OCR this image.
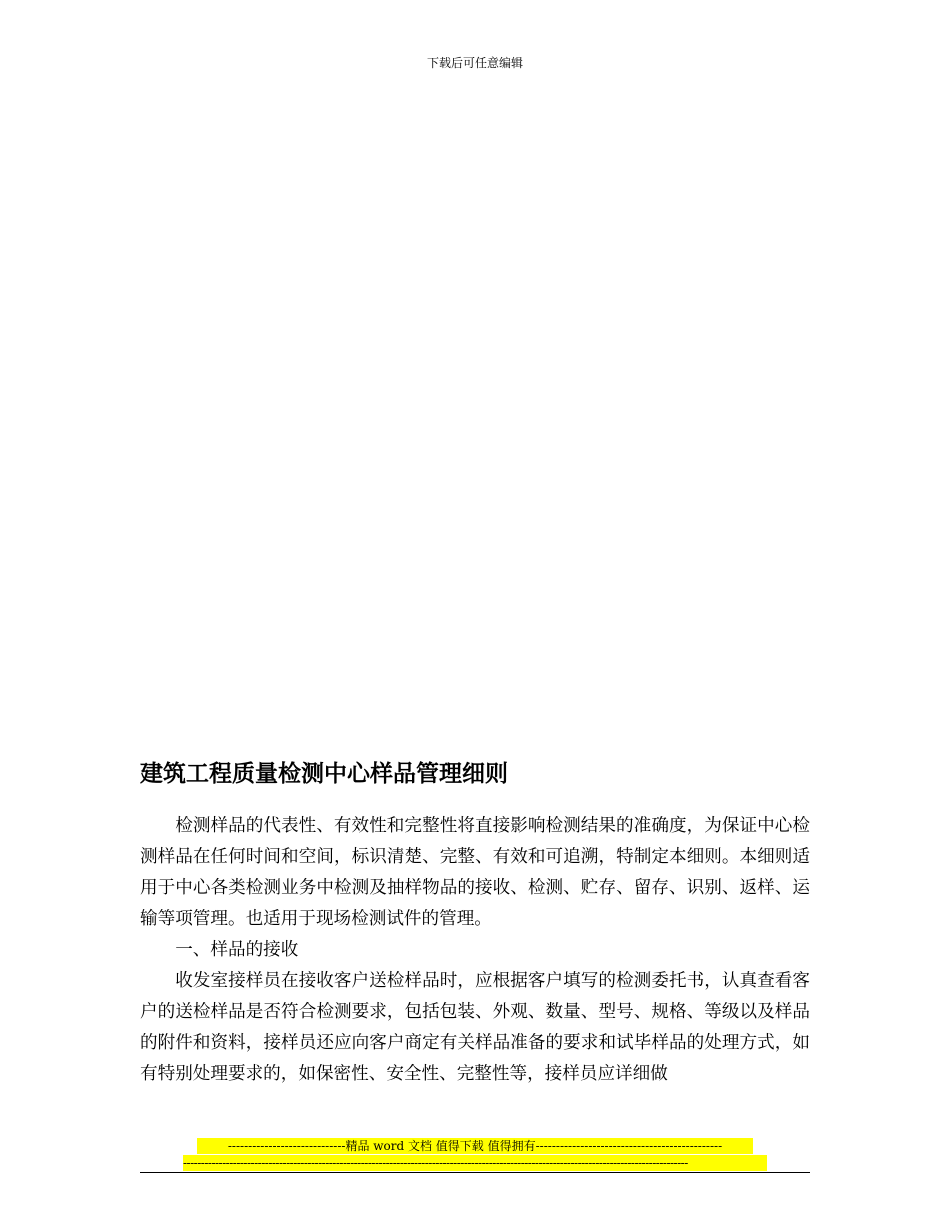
下载后可任意编辑
建筑工程质量检测中心样品管理细则

检测样品的代表性、有效性和完整性将直接影响检测结果的准确度，为保证中心检测样品在任何时间和空间，标识清楚、完整、有效和可追溯，特制定本细则。本细则适用于中心各类检测业务中检测及抽样物品的接收、检测、贮存、留存、识别、返样、运输等项管理。也适用于现场检测试件的管理。

一、样品的接收

收发室接样员在接收客户送检样品时，应根据客户填写的检测委托书，认真查看客户的送检样品是否符合检测要求，包括包装、外观、数量、型号、规格、等级以及样品的附件和资料，接样员还应向客户商定有关样品准备的要求和试毕样品的处理方式，如有特别处理要求的，如保密性、安全性、完整性等，接样员应详细做

-----------------------------精品 word 文档 值得下载 值得拥有----------------------------------------------
----------------------------------------------------------------------------------------------------------------------------------------------
